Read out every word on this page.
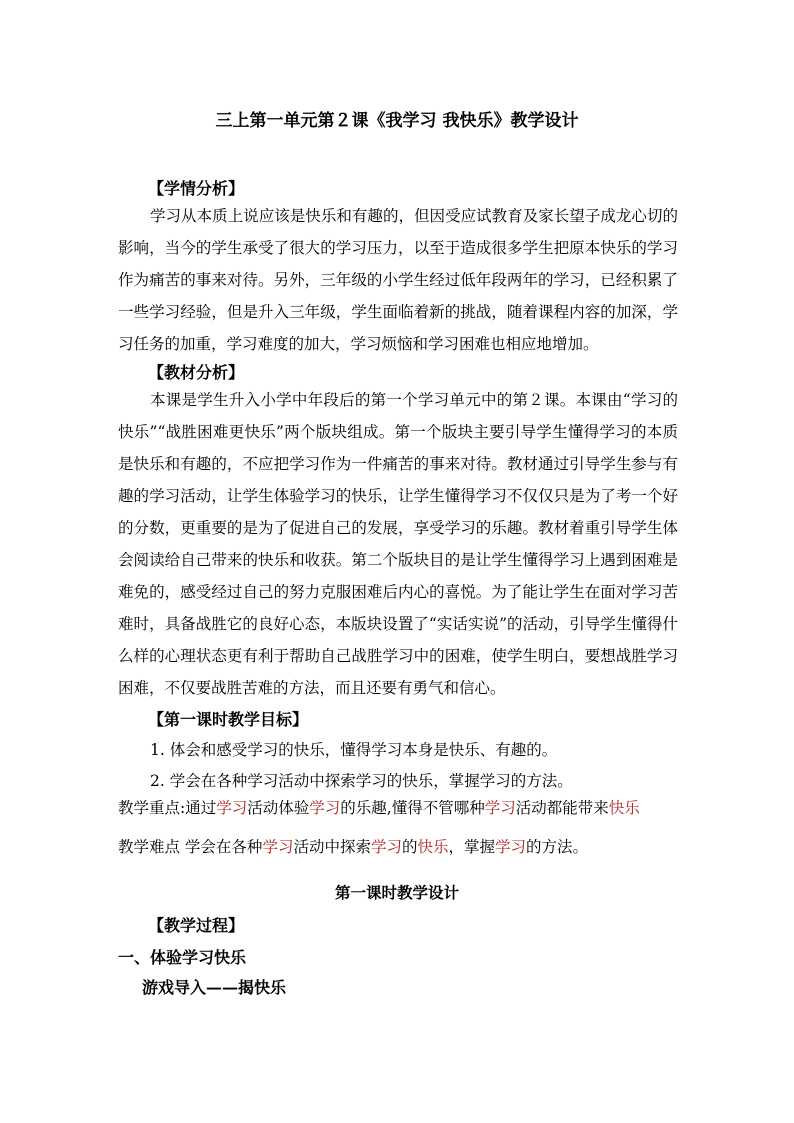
三上第一单元第２课《我学习 我快乐》教学设计
【学情分析】
学习从本质上说应该是快乐和有趣的，但因受应试教育及家长望子成龙心切的影响，当今的学生承受了很大的学习压力，以至于造成很多学生把原本快乐的学习作为痛苦的事来对待。另外，三年级的小学生经过低年段两年的学习，已经积累了一些学习经验，但是升入三年级，学生面临着新的挑战，随着课程内容的加深，学习任务的加重，学习难度的加大，学习烦恼和学习困难也相应地增加。
【教材分析】
本课是学生升入小学中年段后的第一个学习单元中的第２课。本课由“学习的快乐”“战胜困难更快乐”两个版块组成。第一个版块主要引导学生懂得学习的本质是快乐和有趣的，不应把学习作为一件痛苦的事来对待。教材通过引导学生参与有趣的学习活动，让学生体验学习的快乐，让学生懂得学习不仅仅只是为了考一个好的分数，更重要的是为了促进自己的发展，享受学习的乐趣。教材着重引导学生体会阅读给自己带来的快乐和收获。第二个版块目的是让学生懂得学习上遇到困难是难免的，感受经过自己的努力克服困难后内心的喜悦。为了能让学生在面对学习苦难时，具备战胜它的良好心态，本版块设置了“实话实说”的活动，引导学生懂得什么样的心理状态更有利于帮助自己战胜学习中的困难，使学生明白，要想战胜学习困难，不仅要战胜苦难的方法，而且还要有勇气和信心。
【第一课时教学目标】
1. 体会和感受学习的快乐，懂得学习本身是快乐、有趣的。
2. 学会在各种学习活动中探索学习的快乐，掌握学习的方法。
教学重点:通过学习活动体验学习的乐趣,懂得不管哪种学习活动都能带来快乐
教学难点 学会在各种学习活动中探索学习的快乐，掌握学习的方法。
第一课时教学设计
【教学过程】
一、体验学习快乐
游戏导入——揭快乐
